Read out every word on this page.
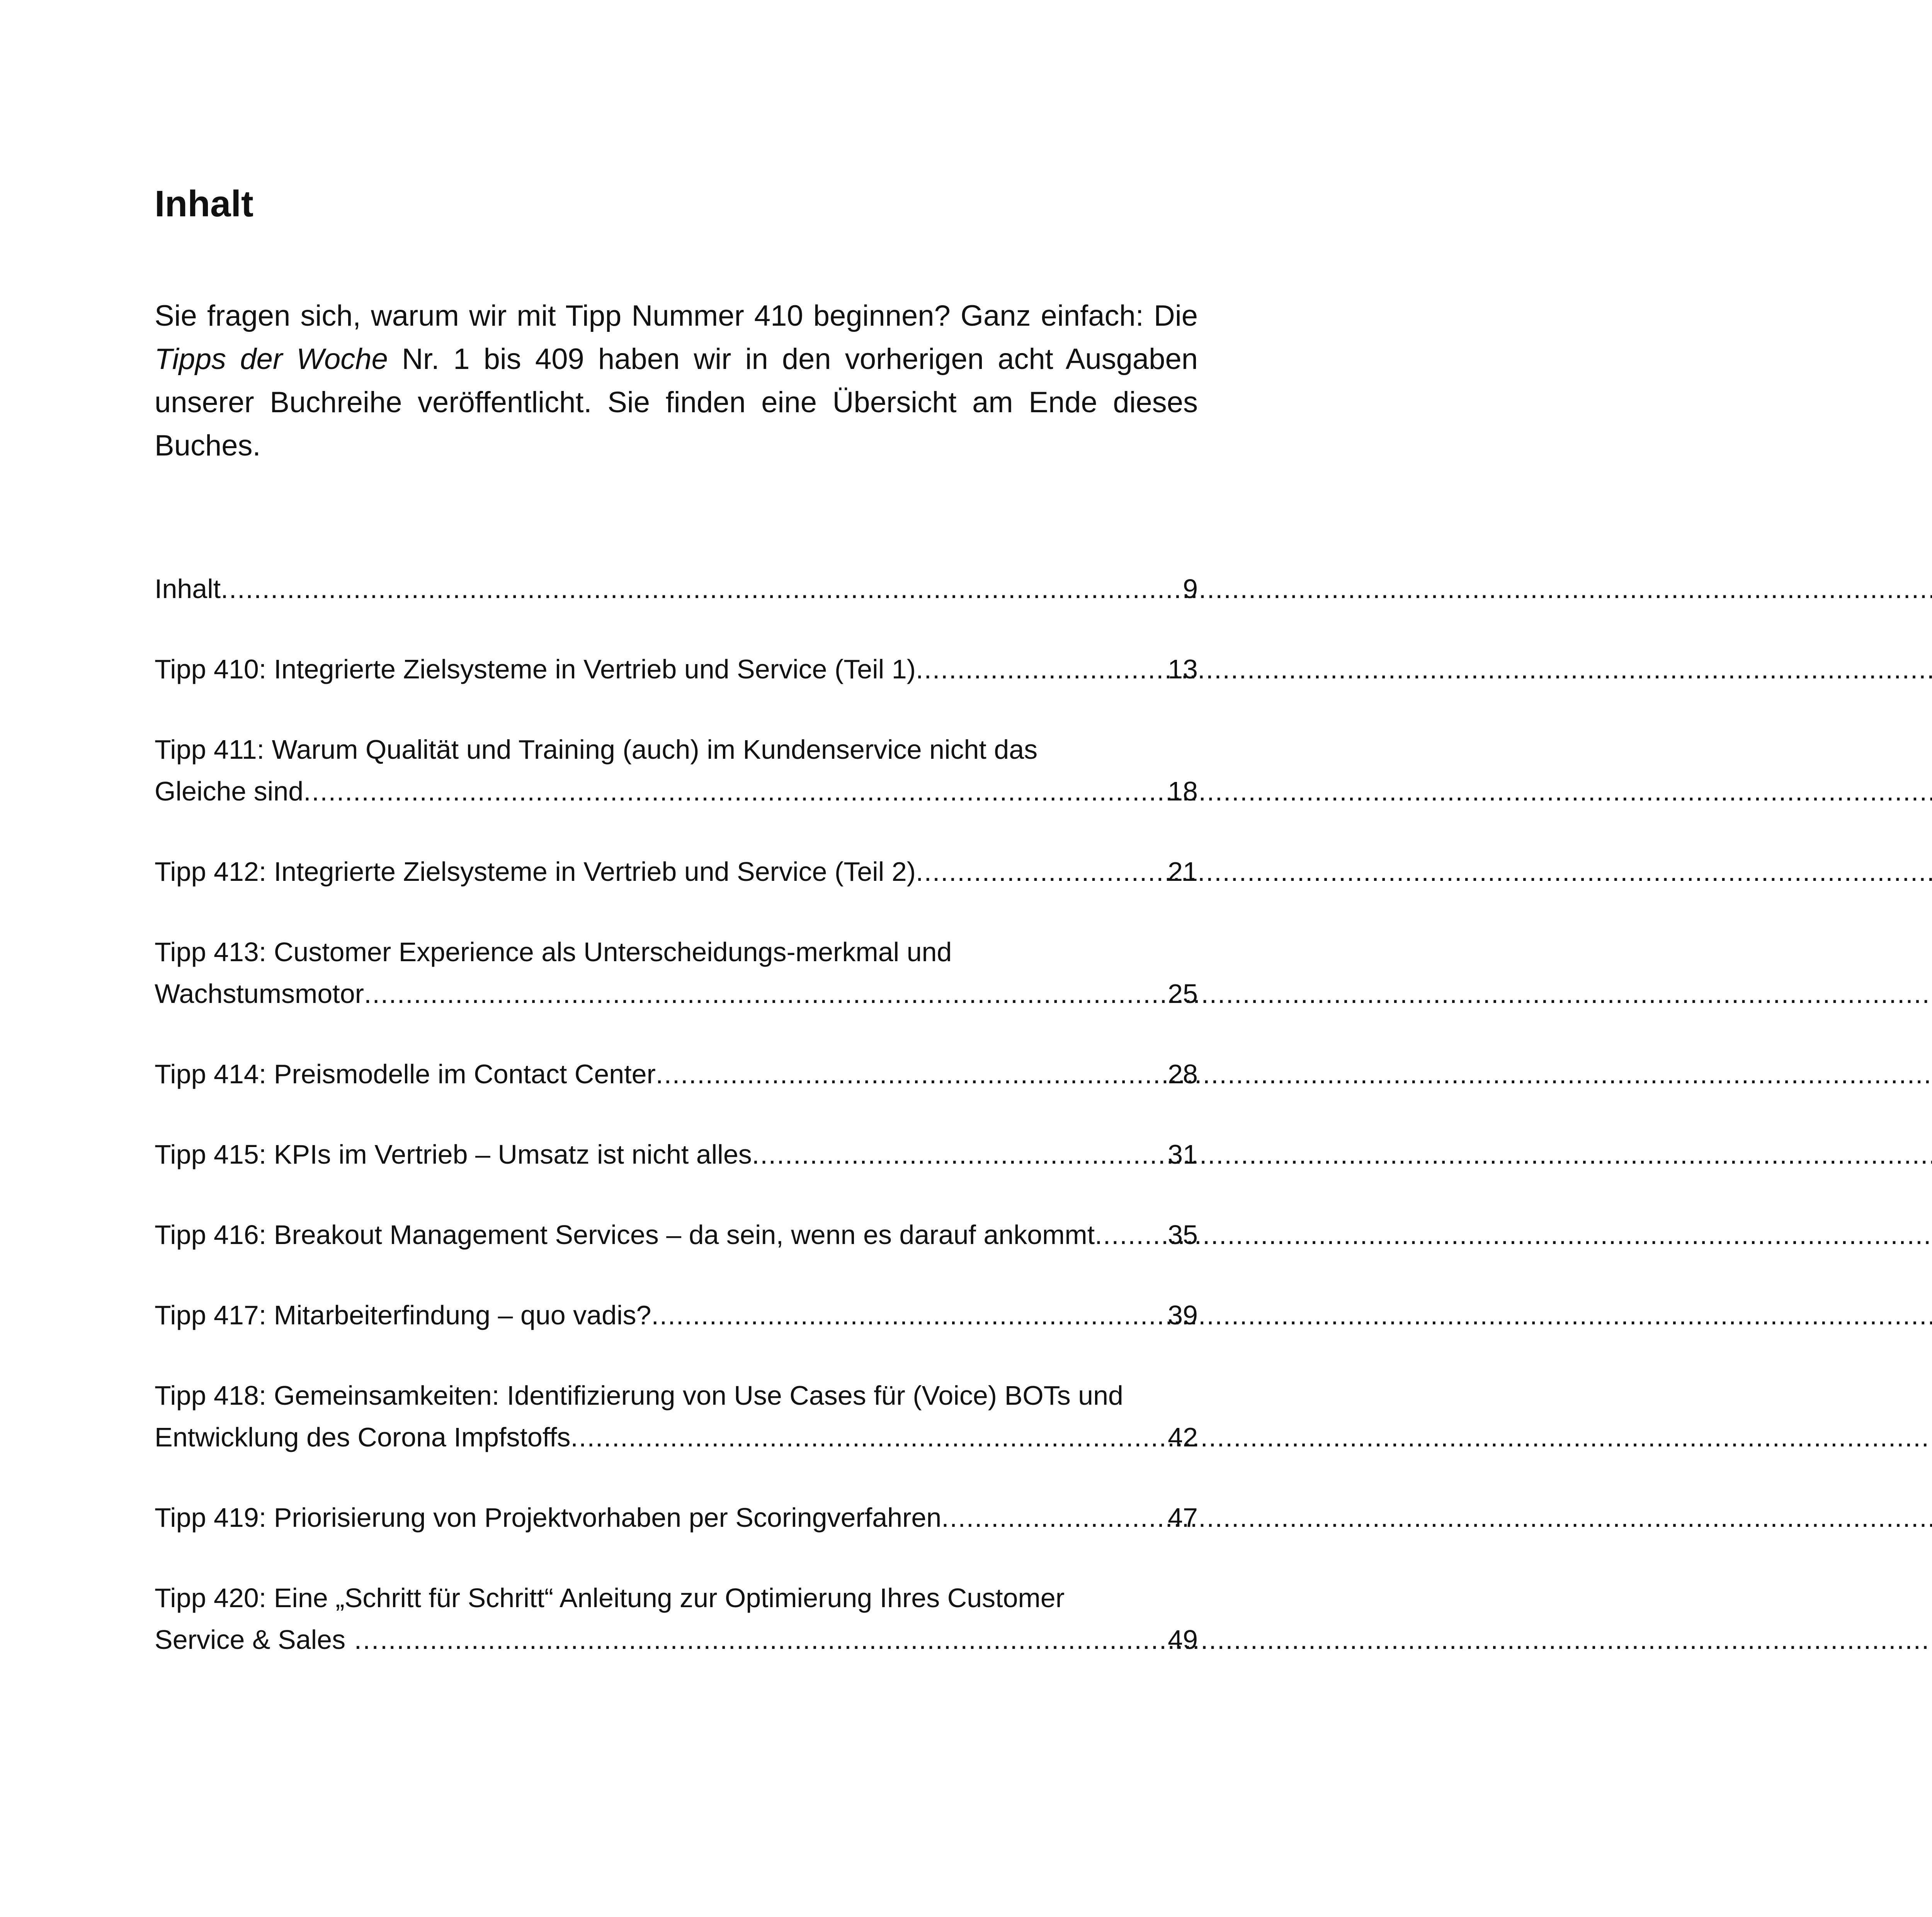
Inhalt

Sie fragen sich, warum wir mit Tipp Nummer 410 beginnen? Ganz einfach: Die Tipps der Woche Nr. 1 bis 409 haben wir in den vorherigen acht Ausgaben unserer Buchreihe veröffentlicht. Sie finden eine Übersicht am Ende dieses Buches.

Inhalt .....	9
Tipp 410: Integrierte Zielsysteme in Vertrieb und Service (Teil 1) .....	13
Tipp 411: Warum Qualität und Training (auch) im Kundenservice nicht das
Gleiche sind .....	18
Tipp 412: Integrierte Zielsysteme in Vertrieb und Service (Teil 2) .....	21
Tipp 413: Customer Experience als Unterscheidungs-merkmal und
Wachstumsmotor .....	25
Tipp 414: Preismodelle im Contact Center .....	28
Tipp 415: KPIs im Vertrieb – Umsatz ist nicht alles .....	31
Tipp 416: Breakout Management Services – da sein, wenn es darauf ankommt .....	35
Tipp 417: Mitarbeiterfindung – quo vadis? .....	39
Tipp 418: Gemeinsamkeiten: Identifizierung von Use Cases für (Voice) BOTs und
Entwicklung des Corona Impfstoffs .....	42
Tipp 419: Priorisierung von Projektvorhaben per Scoringverfahren .....	47
Tipp 420: Eine „Schritt für Schritt“ Anleitung zur Optimierung Ihres Customer
Service & Sales … .....	49
